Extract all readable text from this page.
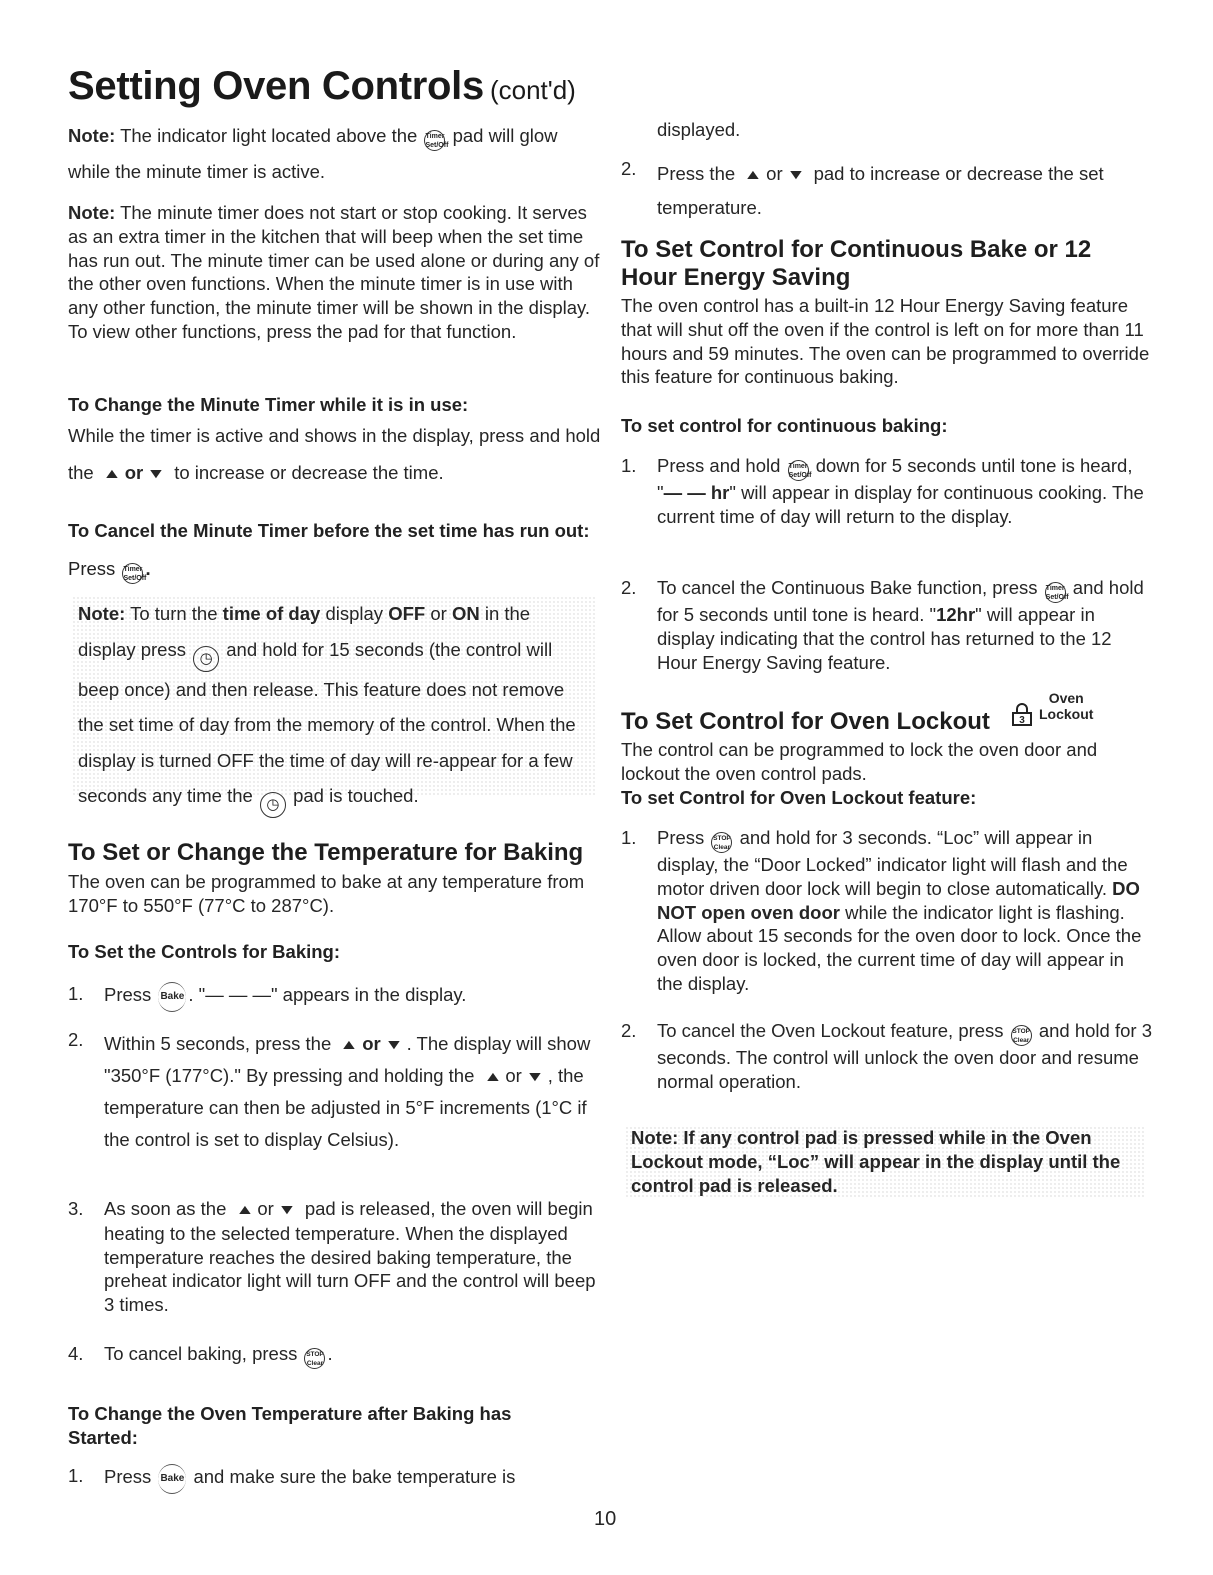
Setting Oven Controls (cont'd)

Note: The indicator light located above the Timer
Set/Off pad will glow while the minute timer is active.

Note: The minute timer does not start or stop cooking. It serves as an extra timer in the kitchen that will beep when the set time has run out. The minute timer can be used alone or during any of the other oven functions. When the minute timer is in use with any other function, the minute timer will be shown in the display. To view other functions, press the pad for that function.

To Change the Minute Timer while it is in use:

While the timer is active and shows in the display, press and hold the ▲ or ▼ to increase or decrease the time.

To Cancel the Minute Timer before the set time has run out: Press Timer
Set/Off.

Note: To turn the time of day display OFF or ON in the display press ◷ and hold for 15 seconds (the control will beep once) and then release. This feature does not remove the set time of day from the memory of the control. When the display is turned OFF the time of day will re-appear for a few seconds any time the ◷ pad is touched.

To Set or Change the Temperature for Baking

The oven can be programmed to bake at any temperature from 170°F to 550°F (77°C to 287°C).

To Set the Controls for Baking:

1. Press Bake . "— — —" appears in the display.

2. Within 5 seconds, press the ▲ or ▼ . The display will show "350°F (177°C)." By pressing and holding the ▲ or ▼ , the temperature can then be adjusted in 5°F increments (1°C if the control is set to display Celsius).

3. As soon as the ▲ or ▼ pad is released, the oven will begin heating to the selected temperature. When the displayed temperature reaches the desired baking temperature, the preheat indicator light will turn OFF and the control will beep 3 times.

4. To cancel baking, press STOP
Clear .

To Change the Oven Temperature after Baking has Started:

1. Press Bake and make sure the bake temperature is

displayed.

2. Press the ▲ or ▼ pad to increase or decrease the set temperature.

To Set Control for Continuous Bake or 12 Hour Energy Saving

The oven control has a built-in 12 Hour Energy Saving feature that will shut off the oven if the control is left on for more than 11 hours and 59 minutes. The oven can be programmed to override this feature for continuous baking.

To set control for continuous baking:

1. Press and hold Timer
Set/Off down for 5 seconds until tone is heard, "— — hr" will appear in display for continuous cooking. The current time of day will return to the display.

2. To cancel the Continuous Bake function, press Timer
Set/Off and hold for 5 seconds until tone is heard. "12hr" will appear in display indicating that the control has returned to the 12 Hour Energy Saving feature.

To Set Control for Oven Lockout	3
Oven
Lockout

The control can be programmed to lock the oven door and lockout the oven control pads.

To set Control for Oven Lockout feature:

1. Press STOP
Clear and hold for 3 seconds. “Loc” will appear in display, the “Door Locked” indicator light will flash and the motor driven door lock will begin to close automatically. DO NOT open oven door while the indicator light is flashing. Allow about 15 seconds for the oven door to lock. Once the oven door is locked, the current time of day will appear in the display.

2. To cancel the Oven Lockout feature, press STOP
Clear and hold for 3 seconds. The control will unlock the oven door and resume normal operation.

Note: If any control pad is pressed while in the Oven Lockout mode, “Loc” will appear in the display until the control pad is released.

10
